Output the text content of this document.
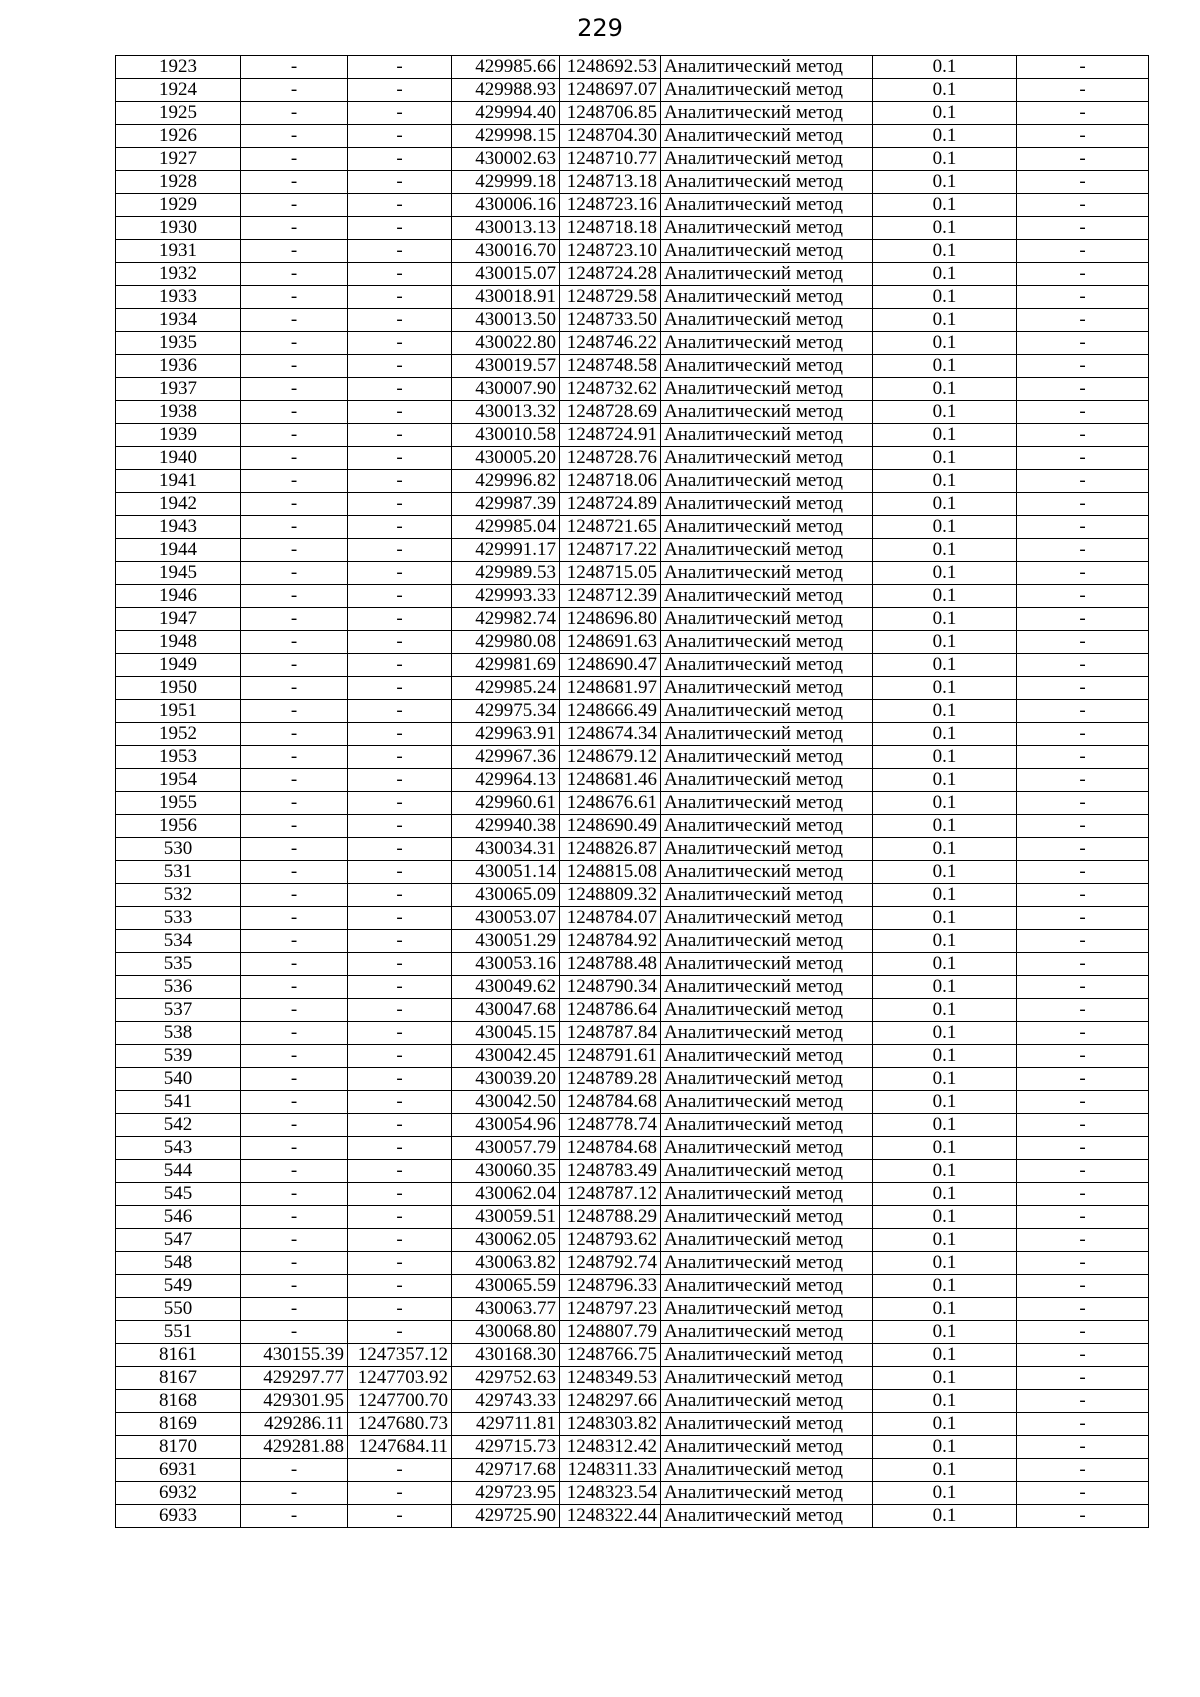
229
1923	-	-	429985.66	1248692.53	Аналитический метод	0.1	-
1924	-	-	429988.93	1248697.07	Аналитический метод	0.1	-
1925	-	-	429994.40	1248706.85	Аналитический метод	0.1	-
1926	-	-	429998.15	1248704.30	Аналитический метод	0.1	-
1927	-	-	430002.63	1248710.77	Аналитический метод	0.1	-
1928	-	-	429999.18	1248713.18	Аналитический метод	0.1	-
1929	-	-	430006.16	1248723.16	Аналитический метод	0.1	-
1930	-	-	430013.13	1248718.18	Аналитический метод	0.1	-
1931	-	-	430016.70	1248723.10	Аналитический метод	0.1	-
1932	-	-	430015.07	1248724.28	Аналитический метод	0.1	-
1933	-	-	430018.91	1248729.58	Аналитический метод	0.1	-
1934	-	-	430013.50	1248733.50	Аналитический метод	0.1	-
1935	-	-	430022.80	1248746.22	Аналитический метод	0.1	-
1936	-	-	430019.57	1248748.58	Аналитический метод	0.1	-
1937	-	-	430007.90	1248732.62	Аналитический метод	0.1	-
1938	-	-	430013.32	1248728.69	Аналитический метод	0.1	-
1939	-	-	430010.58	1248724.91	Аналитический метод	0.1	-
1940	-	-	430005.20	1248728.76	Аналитический метод	0.1	-
1941	-	-	429996.82	1248718.06	Аналитический метод	0.1	-
1942	-	-	429987.39	1248724.89	Аналитический метод	0.1	-
1943	-	-	429985.04	1248721.65	Аналитический метод	0.1	-
1944	-	-	429991.17	1248717.22	Аналитический метод	0.1	-
1945	-	-	429989.53	1248715.05	Аналитический метод	0.1	-
1946	-	-	429993.33	1248712.39	Аналитический метод	0.1	-
1947	-	-	429982.74	1248696.80	Аналитический метод	0.1	-
1948	-	-	429980.08	1248691.63	Аналитический метод	0.1	-
1949	-	-	429981.69	1248690.47	Аналитический метод	0.1	-
1950	-	-	429985.24	1248681.97	Аналитический метод	0.1	-
1951	-	-	429975.34	1248666.49	Аналитический метод	0.1	-
1952	-	-	429963.91	1248674.34	Аналитический метод	0.1	-
1953	-	-	429967.36	1248679.12	Аналитический метод	0.1	-
1954	-	-	429964.13	1248681.46	Аналитический метод	0.1	-
1955	-	-	429960.61	1248676.61	Аналитический метод	0.1	-
1956	-	-	429940.38	1248690.49	Аналитический метод	0.1	-
530	-	-	430034.31	1248826.87	Аналитический метод	0.1	-
531	-	-	430051.14	1248815.08	Аналитический метод	0.1	-
532	-	-	430065.09	1248809.32	Аналитический метод	0.1	-
533	-	-	430053.07	1248784.07	Аналитический метод	0.1	-
534	-	-	430051.29	1248784.92	Аналитический метод	0.1	-
535	-	-	430053.16	1248788.48	Аналитический метод	0.1	-
536	-	-	430049.62	1248790.34	Аналитический метод	0.1	-
537	-	-	430047.68	1248786.64	Аналитический метод	0.1	-
538	-	-	430045.15	1248787.84	Аналитический метод	0.1	-
539	-	-	430042.45	1248791.61	Аналитический метод	0.1	-
540	-	-	430039.20	1248789.28	Аналитический метод	0.1	-
541	-	-	430042.50	1248784.68	Аналитический метод	0.1	-
542	-	-	430054.96	1248778.74	Аналитический метод	0.1	-
543	-	-	430057.79	1248784.68	Аналитический метод	0.1	-
544	-	-	430060.35	1248783.49	Аналитический метод	0.1	-
545	-	-	430062.04	1248787.12	Аналитический метод	0.1	-
546	-	-	430059.51	1248788.29	Аналитический метод	0.1	-
547	-	-	430062.05	1248793.62	Аналитический метод	0.1	-
548	-	-	430063.82	1248792.74	Аналитический метод	0.1	-
549	-	-	430065.59	1248796.33	Аналитический метод	0.1	-
550	-	-	430063.77	1248797.23	Аналитический метод	0.1	-
551	-	-	430068.80	1248807.79	Аналитический метод	0.1	-
8161	430155.39	1247357.12	430168.30	1248766.75	Аналитический метод	0.1	-
8167	429297.77	1247703.92	429752.63	1248349.53	Аналитический метод	0.1	-
8168	429301.95	1247700.70	429743.33	1248297.66	Аналитический метод	0.1	-
8169	429286.11	1247680.73	429711.81	1248303.82	Аналитический метод	0.1	-
8170	429281.88	1247684.11	429715.73	1248312.42	Аналитический метод	0.1	-
6931	-	-	429717.68	1248311.33	Аналитический метод	0.1	-
6932	-	-	429723.95	1248323.54	Аналитический метод	0.1	-
6933	-	-	429725.90	1248322.44	Аналитический метод	0.1	-
